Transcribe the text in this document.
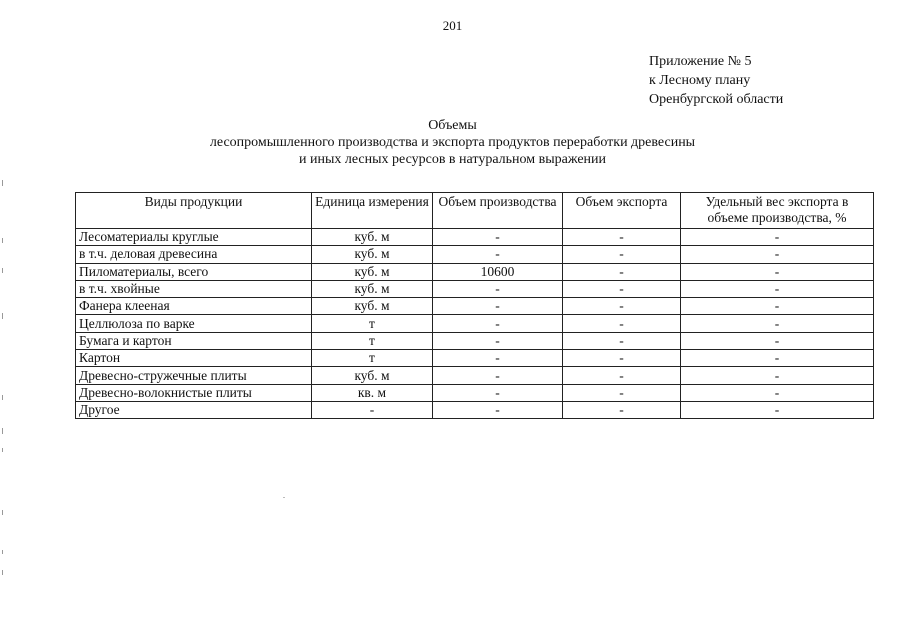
201
Приложение № 5
к Лесному плану
Оренбургской области
Объемы
лесопромышленного производства и экспорта продуктов переработки древесины
и иных лесных ресурсов в натуральном выражении
Виды продукции	Единица измерения	Объем производства	Объем экспорта	Удельный вес экспорта в объеме производства, %
Лесоматериалы круглые	куб. м	-	-	-
в т.ч. деловая древесина	куб. м	-	-	-
Пиломатериалы, всего	куб. м	10600	-	-
в т.ч. хвойные	куб. м	-	-	-
Фанера клееная	куб. м	-	-	-
Целлюлоза по варке	т	-	-	-
Бумага и картон	т	-	-	-
Картон	т	-	-	-
Древесно-стружечные плиты	куб. м	-	-	-
Древесно-волокнистые плиты	кв. м	-	-	-
Другое	-	-	-	-
